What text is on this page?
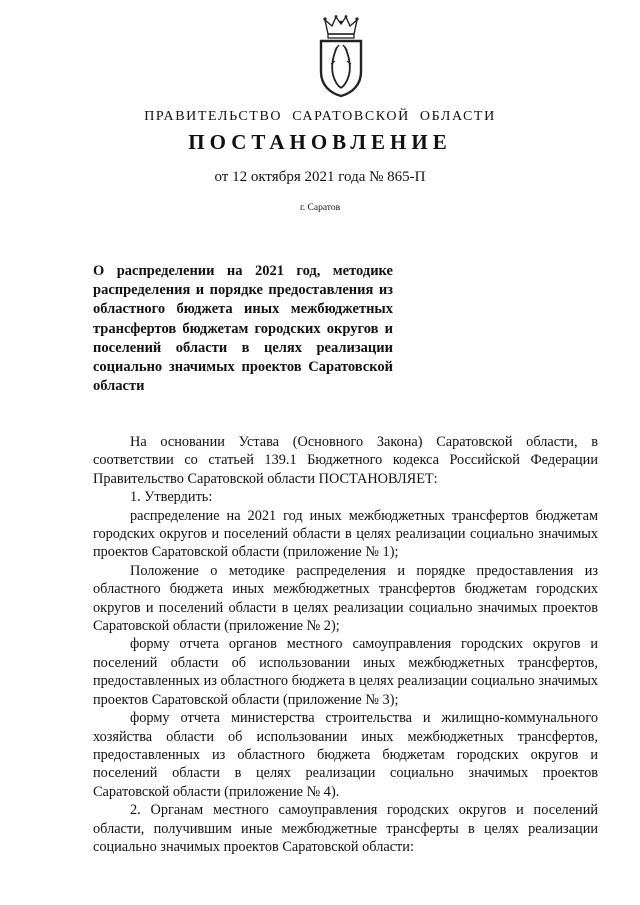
ПРАВИТЕЛЬСТВО САРАТОВСКОЙ ОБЛАСТИ
ПОСТАНОВЛЕНИЕ
от 12 октября 2021 года № 865-П
г. Саратов

О распределении на 2021 год, методике распределения и порядке предоставления из областного бюджета иных межбюджетных трансфертов бюджетам городских округов и поселений области в целях реализации социально значимых проектов Саратовской области

На основании Устава (Основного Закона) Саратовской области, в соответствии со статьей 139.1 Бюджетного кодекса Российской Федерации Правительство Саратовской области ПОСТАНОВЛЯЕТ:

1. Утвердить:

распределение на 2021 год иных межбюджетных трансфертов бюджетам городских округов и поселений области в целях реализации социально значимых проектов Саратовской области (приложение № 1);

Положение о методике распределения и порядке предоставления из областного бюджета иных межбюджетных трансфертов бюджетам городских округов и поселений области в целях реализации социально значимых проектов Саратовской области (приложение № 2);

форму отчета органов местного самоуправления городских округов и поселений области об использовании иных межбюджетных трансфертов, предоставленных из областного бюджета в целях реализации социально значимых проектов Саратовской области (приложение № 3);

форму отчета министерства строительства и жилищно-коммунального хозяйства области об использовании иных межбюджетных трансфертов, предоставленных из областного бюджета бюджетам городских округов и поселений области в целях реализации социально значимых проектов Саратовской области (приложение № 4).

2. Органам местного самоуправления городских округов и поселений области, получившим иные межбюджетные трансферты в целях реализации социально значимых проектов Саратовской области:
